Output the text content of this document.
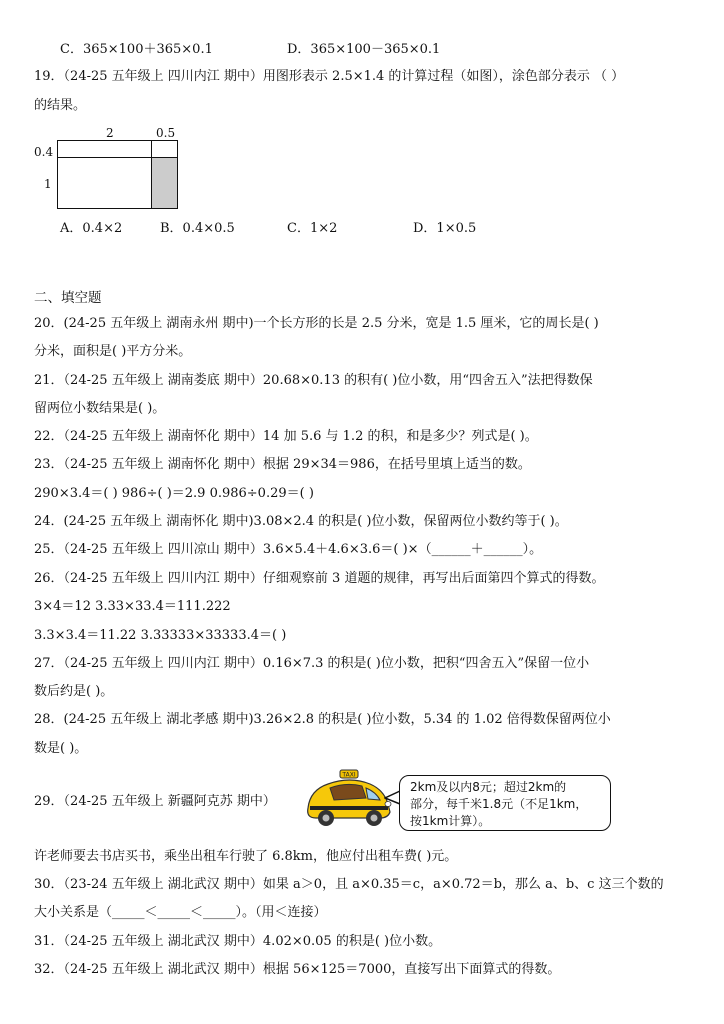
C．365×100＋365×0.1	D．365×100－365×0.1
19．（24-25 五年级上 四川内江 期中）用图形表示 2.5×1.4 的计算过程（如图），涂色部分表示 （ ）
的结果。
2	0.5
0.4
1
A．0.4×2	B．0.4×0.5	C．1×2	D．1×0.5
二、填空题
20．(24-25 五年级上 湖南永州 期中)一个长方形的长是 2.5 分米，宽是 1.5 厘米，它的周长是( )
分米，面积是( )平方分米。
21．（24-25 五年级上 湖南娄底 期中）20.68×0.13 的积有( )位小数，用“四舍五入”法把得数保
留两位小数结果是( )。
22．（24-25 五年级上 湖南怀化 期中）14 加 5.6 与 1.2 的积，和是多少？列式是( )。
23．（24-25 五年级上 湖南怀化 期中）根据 29×34＝986，在括号里填上适当的数。
290×3.4＝( ) 986÷( )＝2.9 0.986÷0.29＝( )
24．(24-25 五年级上 湖南怀化 期中)3.08×2.4 的积是( )位小数，保留两位小数约等于( )。
25．（24-25 五年级上 四川凉山 期中）3.6×5.4＋4.6×3.6＝( )×（______＋______）。
26．（24-25 五年级上 四川内江 期中）仔细观察前 3 道题的规律，再写出后面第四个算式的得数。
3×4＝12 3.33×33.4＝111.222
3.3×3.4＝11.22 3.33333×33333.4＝( )
27．（24-25 五年级上 四川内江 期中）0.16×7.3 的积是( )位小数，把积“四舍五入”保留一位小
数后约是( )。
28．(24-25 五年级上 湖北孝感 期中)3.26×2.8 的积是( )位小数，5.34 的 1.02 倍得数保留两位小
数是( )。
29．（24-25 五年级上 新疆阿克苏 期中）
TAXI
2km及以内8元；超过2km的
部分，每千米1.8元（不足1km，
按1km计算）。
许老师要去书店买书，乘坐出租车行驶了 6.8km，他应付出租车费( )元。
30．（23-24 五年级上 湖北武汉 期中）如果 a＞0，且 a×0.35＝c，a×0.72＝b，那么 a、b、c 这三个数的
大小关系是（_____＜_____＜_____）。（用＜连接）
31．（24-25 五年级上 湖北武汉 期中）4.02×0.05 的积是( )位小数。
32．（24-25 五年级上 湖北武汉 期中）根据 56×125＝7000，直接写出下面算式的得数。
